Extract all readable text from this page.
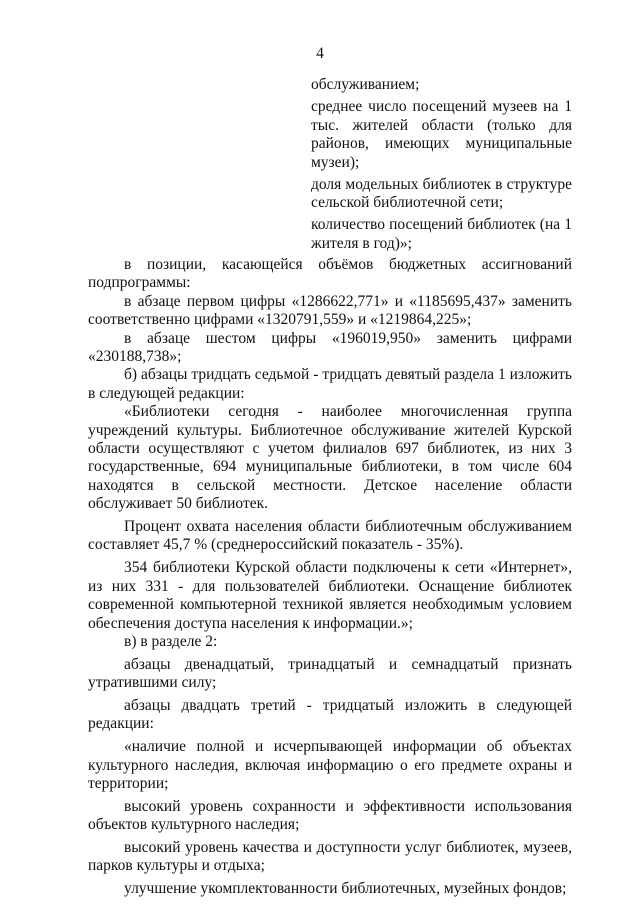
4

обслуживанием;

среднее число посещений музеев на 1 тыс. жителей области (только для районов, имеющих муниципальные музеи);

доля модельных библиотек в структуре сельской библиотечной сети;

количество посещений библиотек (на 1 жителя в год)»;

в позиции, касающейся объёмов бюджетных ассигнований подпрограммы:

в абзаце первом цифры «1286622,771» и «1185695,437» заменить соответственно цифрами «1320791,559» и «1219864,225»;

в абзаце шестом цифры «196019,950» заменить цифрами «230188,738»;

б) абзацы тридцать седьмой - тридцать девятый раздела 1 изложить в следующей редакции:

«Библиотеки сегодня - наиболее многочисленная группа учреждений культуры. Библиотечное обслуживание жителей Курской области осуществляют с учетом филиалов 697 библиотек, из них 3 государственные, 694 муниципальные библиотеки, в том числе 604 находятся в сельской местности. Детское население области обслуживает 50 библиотек.

Процент охвата населения области библиотечным обслуживанием составляет 45,7 % (среднероссийский показатель - 35%).

354 библиотеки Курской области подключены к сети «Интернет», из них 331 - для пользователей библиотеки. Оснащение библиотек современной компьютерной техникой является необходимым условием обеспечения доступа населения к информации.»;

в) в разделе 2:

абзацы двенадцатый, тринадцатый и семнадцатый признать утратившими силу;

абзацы двадцать третий - тридцатый изложить в следующей редакции:

«наличие полной и исчерпывающей информации об объектах культурного наследия, включая информацию о его предмете охраны и территории;

высокий уровень сохранности и эффективности использования объектов культурного наследия;

высокий уровень качества и доступности услуг библиотек, музеев, парков культуры и отдыха;

улучшение укомплектованности библиотечных, музейных фондов;
